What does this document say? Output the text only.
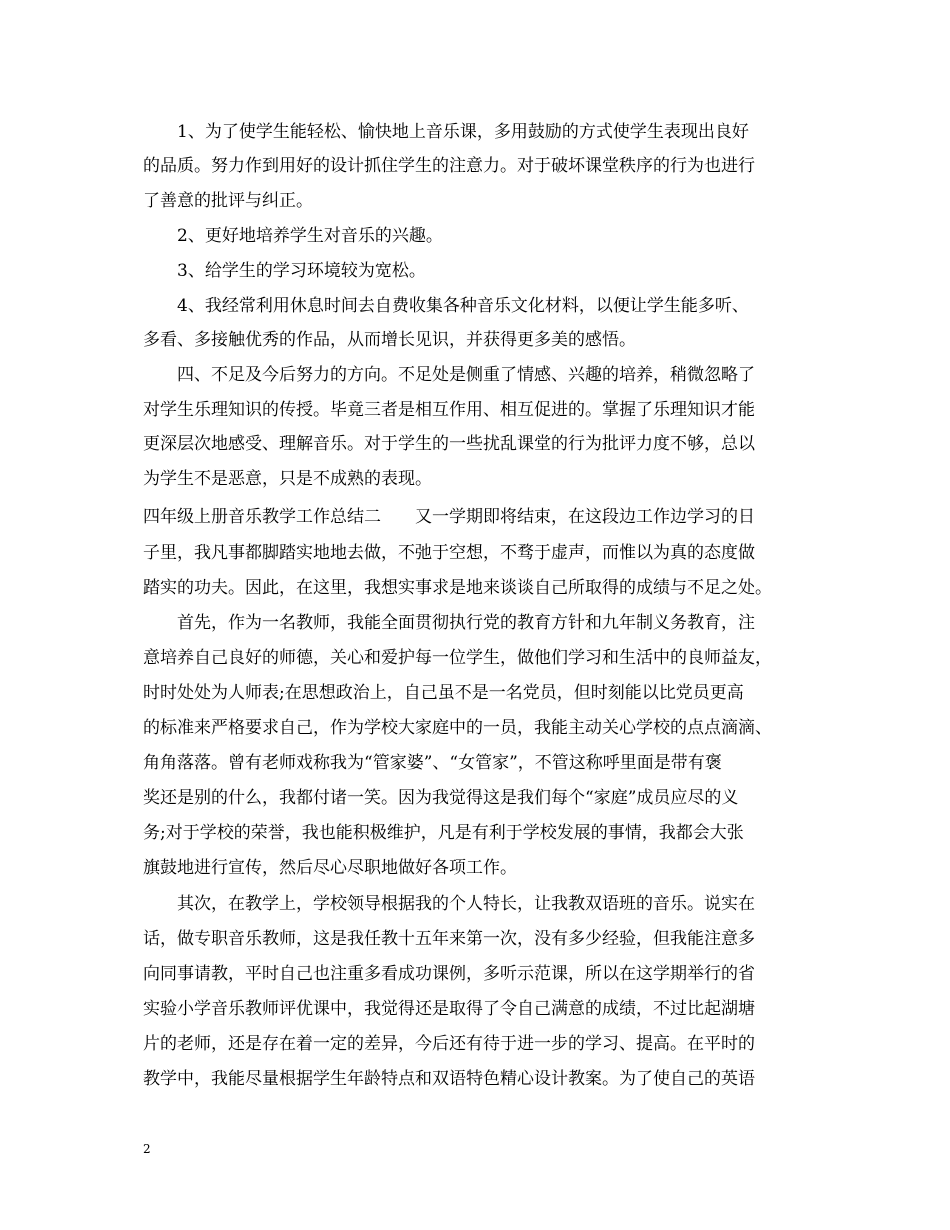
1、为了使学生能轻松、愉快地上音乐课，多用鼓励的方式使学生表现出良好
的品质。努力作到用好的设计抓住学生的注意力。对于破坏课堂秩序的行为也进行
了善意的批评与纠正。
2、更好地培养学生对音乐的兴趣。
3、给学生的学习环境较为宽松。
4、我经常利用休息时间去自费收集各种音乐文化材料，以便让学生能多听、
多看、多接触优秀的作品，从而增长见识，并获得更多美的感悟。
四、不足及今后努力的方向。不足处是侧重了情感、兴趣的培养，稍微忽略了
对学生乐理知识的传授。毕竟三者是相互作用、相互促进的。掌握了乐理知识才能
更深层次地感受、理解音乐。对于学生的一些扰乱课堂的行为批评力度不够，总以
为学生不是恶意，只是不成熟的表现。
四年级上册音乐教学工作总结二　　又一学期即将结束，在这段边工作边学习的日
子里，我凡事都脚踏实地地去做，不弛于空想，不骛于虚声，而惟以为真的态度做
踏实的功夫。因此，在这里，我想实事求是地来谈谈自己所取得的成绩与不足之处。
首先，作为一名教师，我能全面贯彻执行党的教育方针和九年制义务教育，注
意培养自己良好的师德，关心和爱护每一位学生，做他们学习和生活中的良师益友，
时时处处为人师表;在思想政治上，自己虽不是一名党员，但时刻能以比党员更高
的标准来严格要求自己，作为学校大家庭中的一员，我能主动关心学校的点点滴滴、
角角落落。曾有老师戏称我为“管家婆”、“女管家”，不管这称呼里面是带有褒
奖还是别的什么，我都付诸一笑。因为我觉得这是我们每个“家庭”成员应尽的义
务;对于学校的荣誉，我也能积极维护，凡是有利于学校发展的事情，我都会大张
旗鼓地进行宣传，然后尽心尽职地做好各项工作。
其次，在教学上，学校领导根据我的个人特长，让我教双语班的音乐。说实在
话，做专职音乐教师，这是我任教十五年来第一次，没有多少经验，但我能注意多
向同事请教，平时自己也注重多看成功课例，多听示范课，所以在这学期举行的省
实验小学音乐教师评优课中，我觉得还是取得了令自己满意的成绩，不过比起湖塘
片的老师，还是存在着一定的差异，今后还有待于进一步的学习、提高。在平时的
教学中，我能尽量根据学生年龄特点和双语特色精心设计教案。为了使自己的英语
2
